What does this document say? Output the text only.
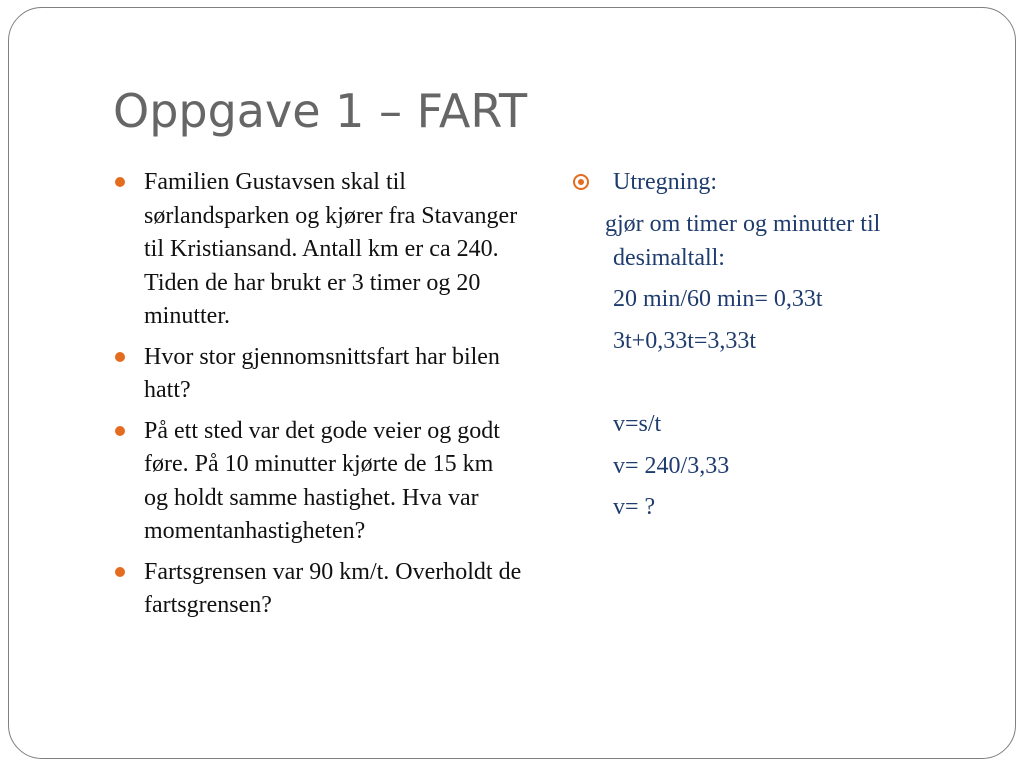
Oppgave 1 – FART
Familien Gustavsen skal til sørlandsparken og kjører fra Stavanger til Kristiansand. Antall km er ca 240. Tiden de har brukt er 3 timer og 20 minutter.
Hvor stor gjennomsnittsfart har bilen hatt?
På ett sted var det gode veier og godt føre. På 10 minutter kjørte de 15 km og holdt samme hastighet. Hva var momentanhastigheten?
Fartsgrensen var 90 km/t. Overholdt de fartsgrensen?
Utregning:
gjør om timer og minutter til desimaltall:
20 min/60 min= 0,33t
3t+0,33t=3,33t
v=s/t
v= 240/3,33
v= ?
